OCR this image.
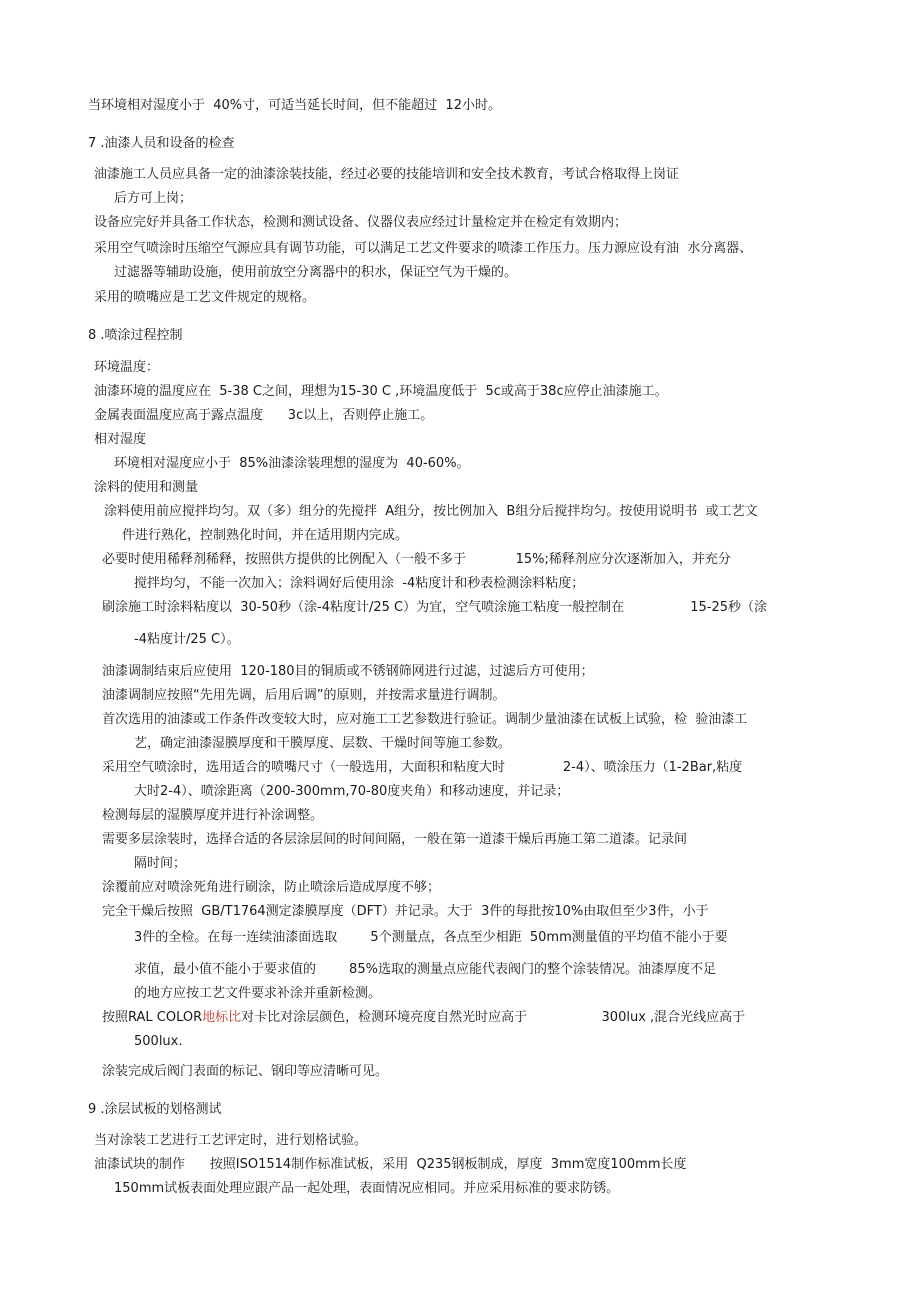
当环境相对湿度小于  40%寸，可适当延长时间，但不能超过  12小时。

7 .油漆人员和设备的检查

油漆施工人员应具备一定的油漆涂装技能，经过必要的技能培训和安全技术教育，考试合格取得上岗证

后方可上岗；

设备应完好并具备工作状态，检测和测试设备、仪器仪表应经过计量检定并在检定有效期内；

采用空气喷涂时压缩空气源应具有调节功能，可以满足工艺文件要求的喷漆工作压力。压力源应设有油  水分离器、

过滤器等辅助设施，使用前放空分离器中的积水，保证空气为干燥的。

采用的喷嘴应是工艺文件规定的规格。

8 .喷涂过程控制

环境温度：

油漆环境的温度应在  5-38 C之间，理想为15-30 C ,环境温度低于  5c或高于38c应停止油漆施工。

金属表面温度应高于露点温度      3c以上，否则停止施工。

相对湿度

环境相对湿度应小于  85%油漆涂装理想的湿度为  40-60%。

涂料的使用和测量

涂料使用前应搅拌均匀。双（多）组分的先搅拌  A组分，按比例加入  B组分后搅拌均匀。按使用说明书  或工艺文

件进行熟化，控制熟化时间，并在适用期内完成。

必要时使用稀释剂稀释，按照供方提供的比例配入（一般不多于            15%;稀释剂应分次逐渐加入，并充分

搅拌均匀，不能一次加入；涂料调好后使用涂  -4粘度计和秒表检测涂料粘度；

刷涂施工时涂料粘度以  30-50秒（涂-4粘度计/25 C）为宜，空气喷涂施工粘度一般控制在                15-25秒（涂

-4粘度计/25 C）。

油漆调制结束后应使用  120-180目的铜质或不锈钢筛网进行过滤，过滤后方可使用；

油漆调制应按照“先用先调，后用后调”的原则，并按需求量进行调制。

首次选用的油漆或工作条件改变较大时，应对施工工艺参数进行验证。调制少量油漆在试板上试验，检  验油漆工

艺，确定油漆湿膜厚度和干膜厚度、层数、干燥时间等施工参数。

采用空气喷涂时，选用适合的喷嘴尺寸（一般选用，大面积和粘度大时              2-4）、喷涂压力（1-2Bar,粘度

大时2-4）、喷涂距离（200-300mm,70-80度夹角）和移动速度，并记录；

检测每层的湿膜厚度并进行补涂调整。

需要多层涂装时，选择合适的各层涂层间的时间间隔，一般在第一道漆干燥后再施工第二道漆。记录间

隔时间；

涂覆前应对喷涂死角进行刷涂，防止喷涂后造成厚度不够；

完全干燥后按照  GB/T1764测定漆膜厚度（DFT）并记录。大于  3件的每批按10%由取但至少3件，小于

3件的全检。在每一连续油漆面选取        5个测量点，各点至少相距  50mm测量值的平均值不能小于要

求值，最小值不能小于要求值的        85%选取的测量点应能代表阀门的整个涂装情况。油漆厚度不足

的地方应按工艺文件要求补涂并重新检测。

按照RAL COLOR地标比对卡比对涂层颜色，检测环境亮度自然光时应高于                  300lux ,混合光线应高于

500lux.

涂装完成后阀门表面的标记、钢印等应清晰可见。

9 .涂层试板的划格测试

当对涂装工艺进行工艺评定时，进行划格试验。

油漆试块的制作      按照ISO1514制作标准试板，采用  Q235钢板制成，厚度  3mm宽度100mm长度

150mm试板表面处理应跟产品一起处理，表面情况应相同。并应采用标准的要求防锈。
